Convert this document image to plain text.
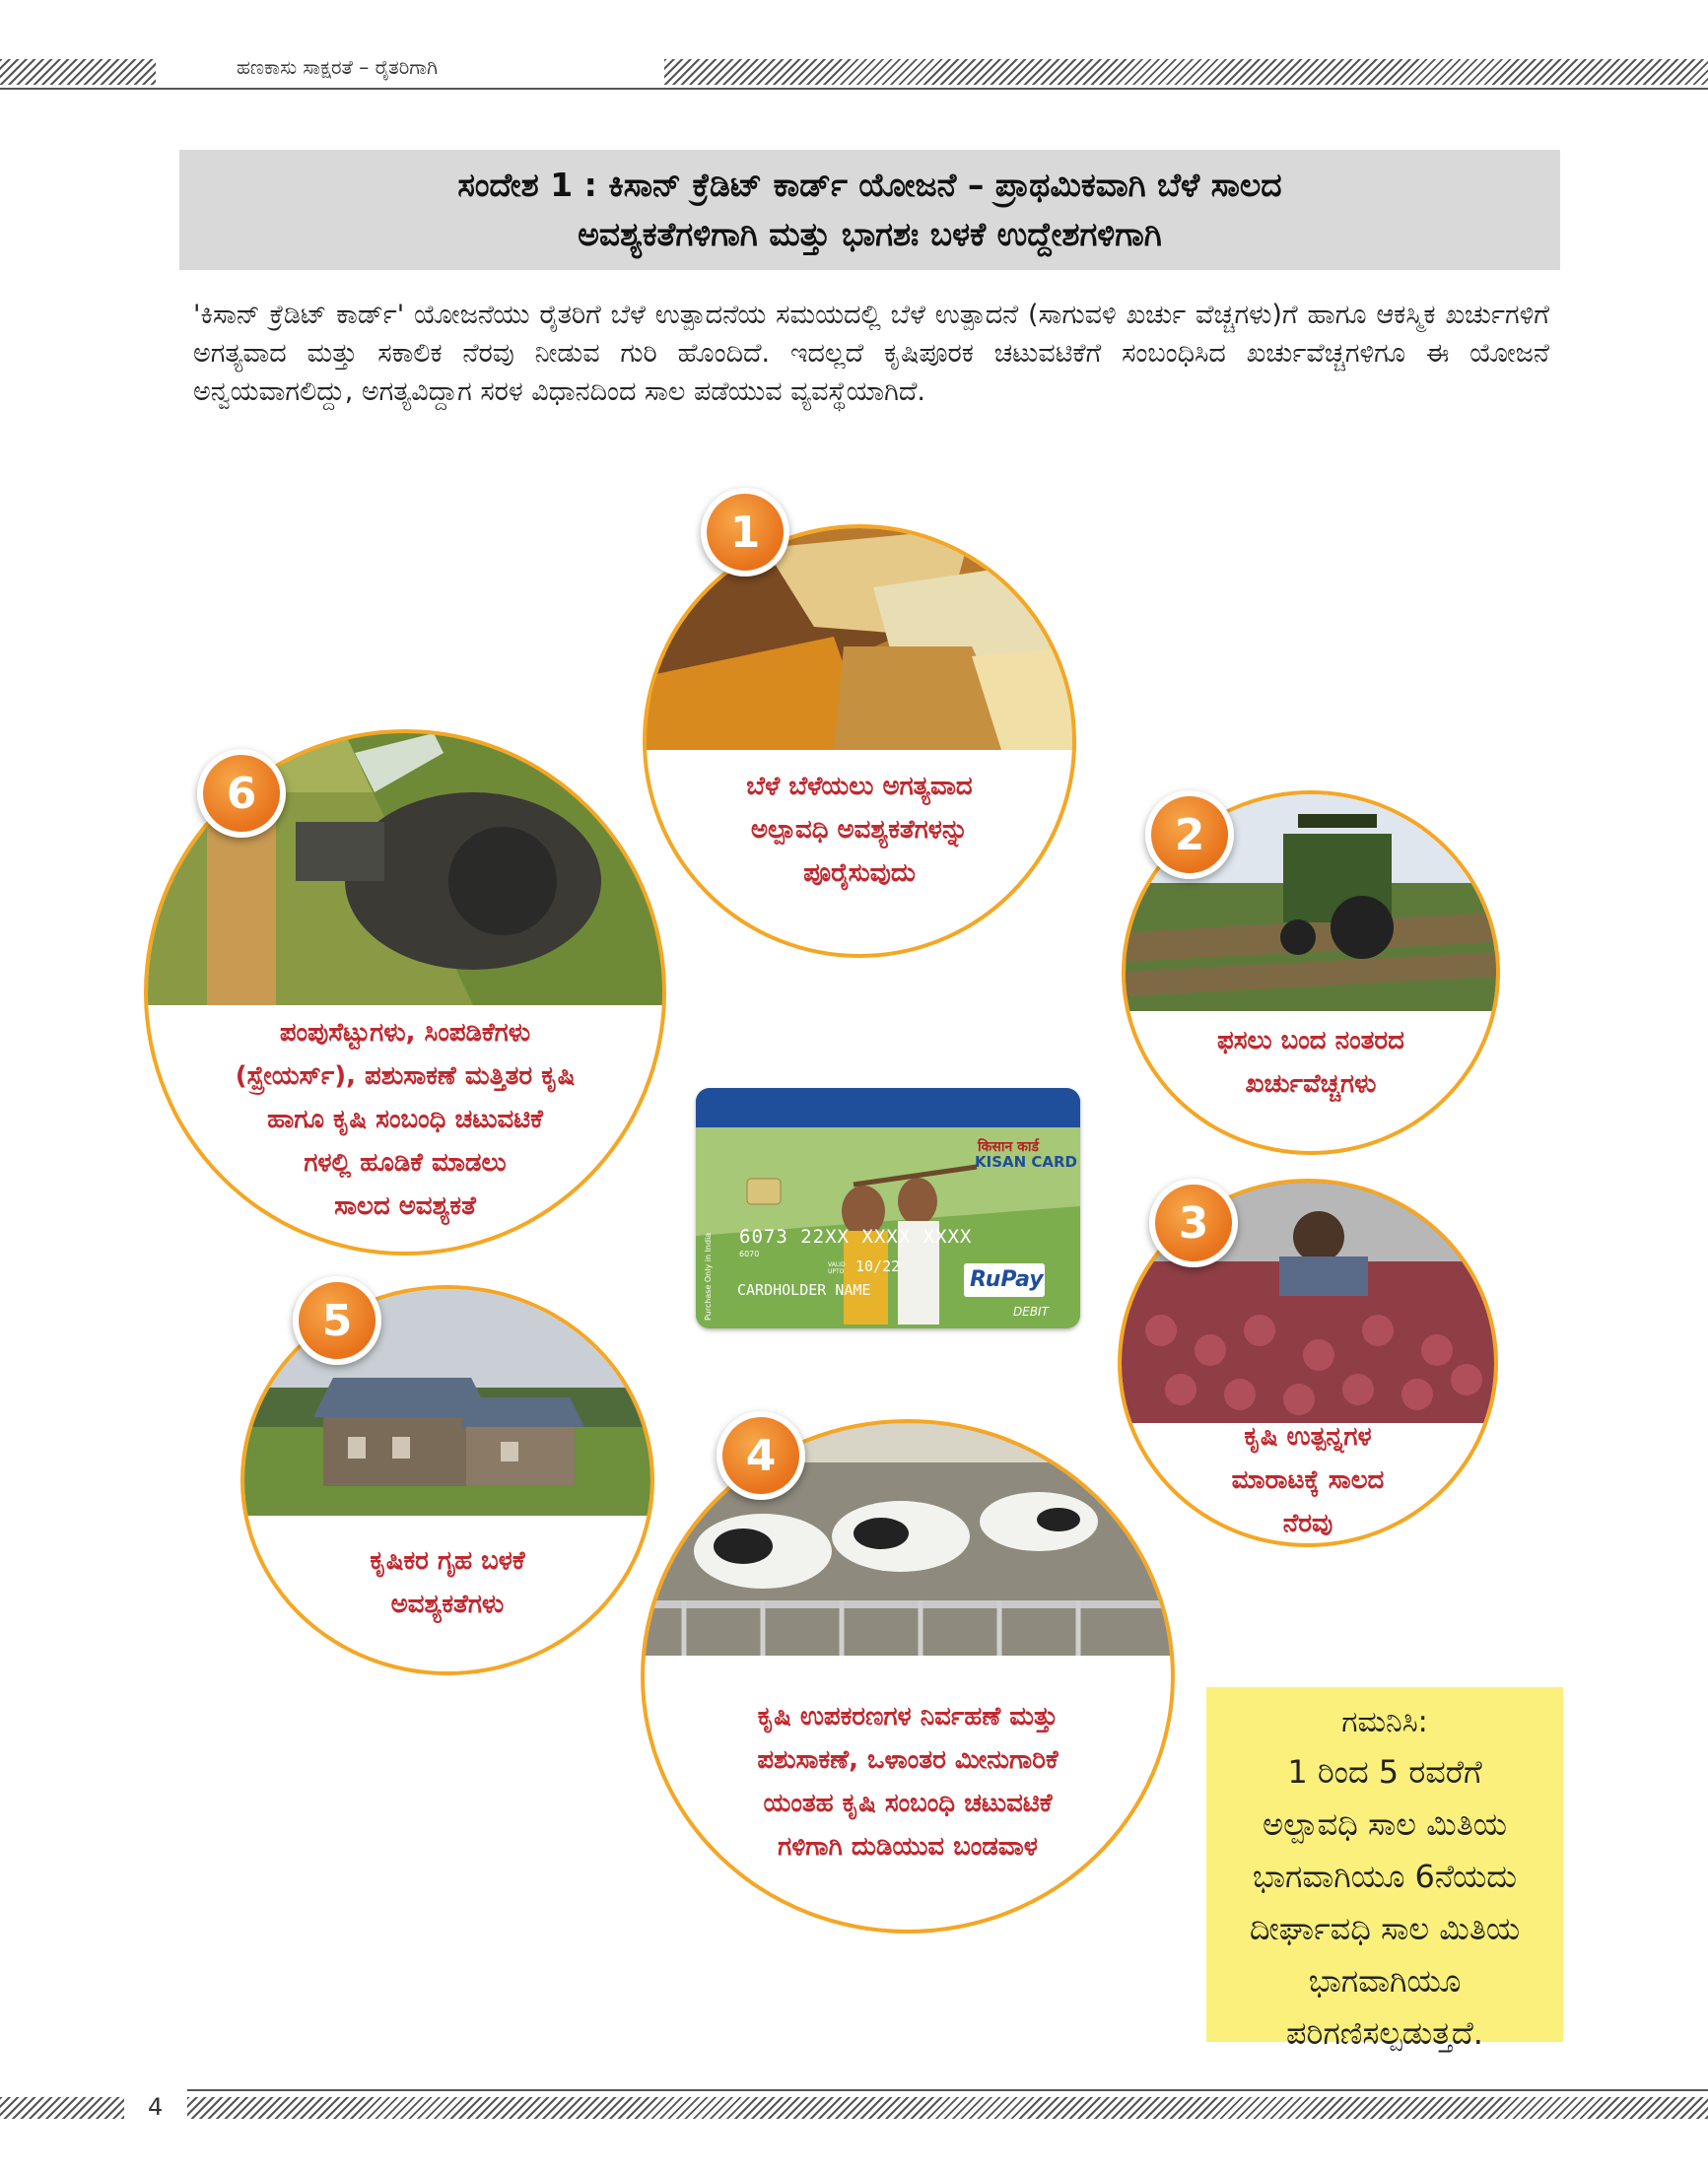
ಹಣಕಾಸು ಸಾಕ್ಷರತೆ – ರೈತರಿಗಾಗಿ
ಸಂದೇಶ 1 : ಕಿಸಾನ್ ಕ್ರೆಡಿಟ್ ಕಾರ್ಡ್ ಯೋಜನೆ – ಪ್ರಾಥಮಿಕವಾಗಿ ಬೆಳೆ ಸಾಲದ
ಅವಶ್ಯಕತೆಗಳಿಗಾಗಿ ಮತ್ತು ಭಾಗಶಃ ಬಳಕೆ ಉದ್ದೇಶಗಳಿಗಾಗಿ
'ಕಿಸಾನ್ ಕ್ರೆಡಿಟ್ ಕಾರ್ಡ್' ಯೋಜನೆಯು ರೈತರಿಗೆ ಬೆಳೆ ಉತ್ಪಾದನೆಯ ಸಮಯದಲ್ಲಿ ಬೆಳೆ ಉತ್ಪಾದನೆ (ಸಾಗುವಳಿ ಖರ್ಚು ವೆಚ್ಚಗಳು)ಗೆ ಹಾಗೂ ಆಕಸ್ಮಿಕ ಖರ್ಚುಗಳಿಗೆ ಅಗತ್ಯವಾದ ಮತ್ತು ಸಕಾಲಿಕ ನೆರವು ನೀಡುವ ಗುರಿ ಹೊಂದಿದೆ. ಇದಲ್ಲದೆ ಕೃಷಿಪೂರಕ ಚಟುವಟಿಕೆಗೆ ಸಂಬಂಧಿಸಿದ ಖರ್ಚುವೆಚ್ಚಗಳಿಗೂ ಈ ಯೋಜನೆ ಅನ್ವಯವಾಗಲಿದ್ದು, ಅಗತ್ಯವಿದ್ದಾಗ ಸರಳ ವಿಧಾನದಿಂದ ಸಾಲ ಪಡೆಯುವ ವ್ಯವಸ್ಥೆಯಾಗಿದೆ.
ಬೆಳೆ ಬೆಳೆಯಲು ಅಗತ್ಯವಾದ
ಅಲ್ಪಾವಧಿ ಅವಶ್ಯಕತೆಗಳನ್ನು
ಪೂರೈಸುವುದು
1
ಫಸಲು ಬಂದ ನಂತರದ
ಖರ್ಚುವೆಚ್ಚಗಳು
2
ಕೃಷಿ ಉತ್ಪನ್ನಗಳ
ಮಾರಾಟಕ್ಕೆ ಸಾಲದ
ನೆರವು
3
ಕೃಷಿ ಉಪಕರಣಗಳ ನಿರ್ವಹಣೆ ಮತ್ತು
ಪಶುಸಾಕಣೆ, ಒಳಾಂತರ ಮೀನುಗಾರಿಕೆ
ಯಂತಹ ಕೃಷಿ ಸಂಬಂಧಿ ಚಟುವಟಿಕೆ
ಗಳಿಗಾಗಿ ದುಡಿಯುವ ಬಂಡವಾಳ
4
ಕೃಷಿಕರ ಗೃಹ ಬಳಕೆ
ಅವಶ್ಯಕತೆಗಳು
5
ಪಂಪುಸೆಟ್ಟುಗಳು, ಸಿಂಪಡಿಕೆಗಳು
(ಸ್ಪ್ರೇಯರ್ಸ್), ಪಶುಸಾಕಣೆ ಮತ್ತಿತರ ಕೃಷಿ
ಹಾಗೂ ಕೃಷಿ ಸಂಬಂಧಿ ಚಟುವಟಿಕೆ
ಗಳಲ್ಲಿ ಹೂಡಿಕೆ ಮಾಡಲು
ಸಾಲದ ಅವಶ್ಯಕತೆ
6
किसान कार्ड
KISAN CARD
6073 22XX XXXX XXXX
6070
VALID UPTO 10/22
CARDHOLDER NAME
Purchase Only in India	RuPay
DEBIT
ಗಮನಿಸಿ:
1 ರಿಂದ 5 ರವರೆಗೆ
ಅಲ್ಪಾವಧಿ ಸಾಲ ಮಿತಿಯ
ಭಾಗವಾಗಿಯೂ 6ನೆಯದು
ದೀರ್ಘಾವಧಿ ಸಾಲ ಮಿತಿಯ
ಭಾಗವಾಗಿಯೂ
ಪರಿಗಣಿಸಲ್ಪಡುತ್ತದೆ.
4
